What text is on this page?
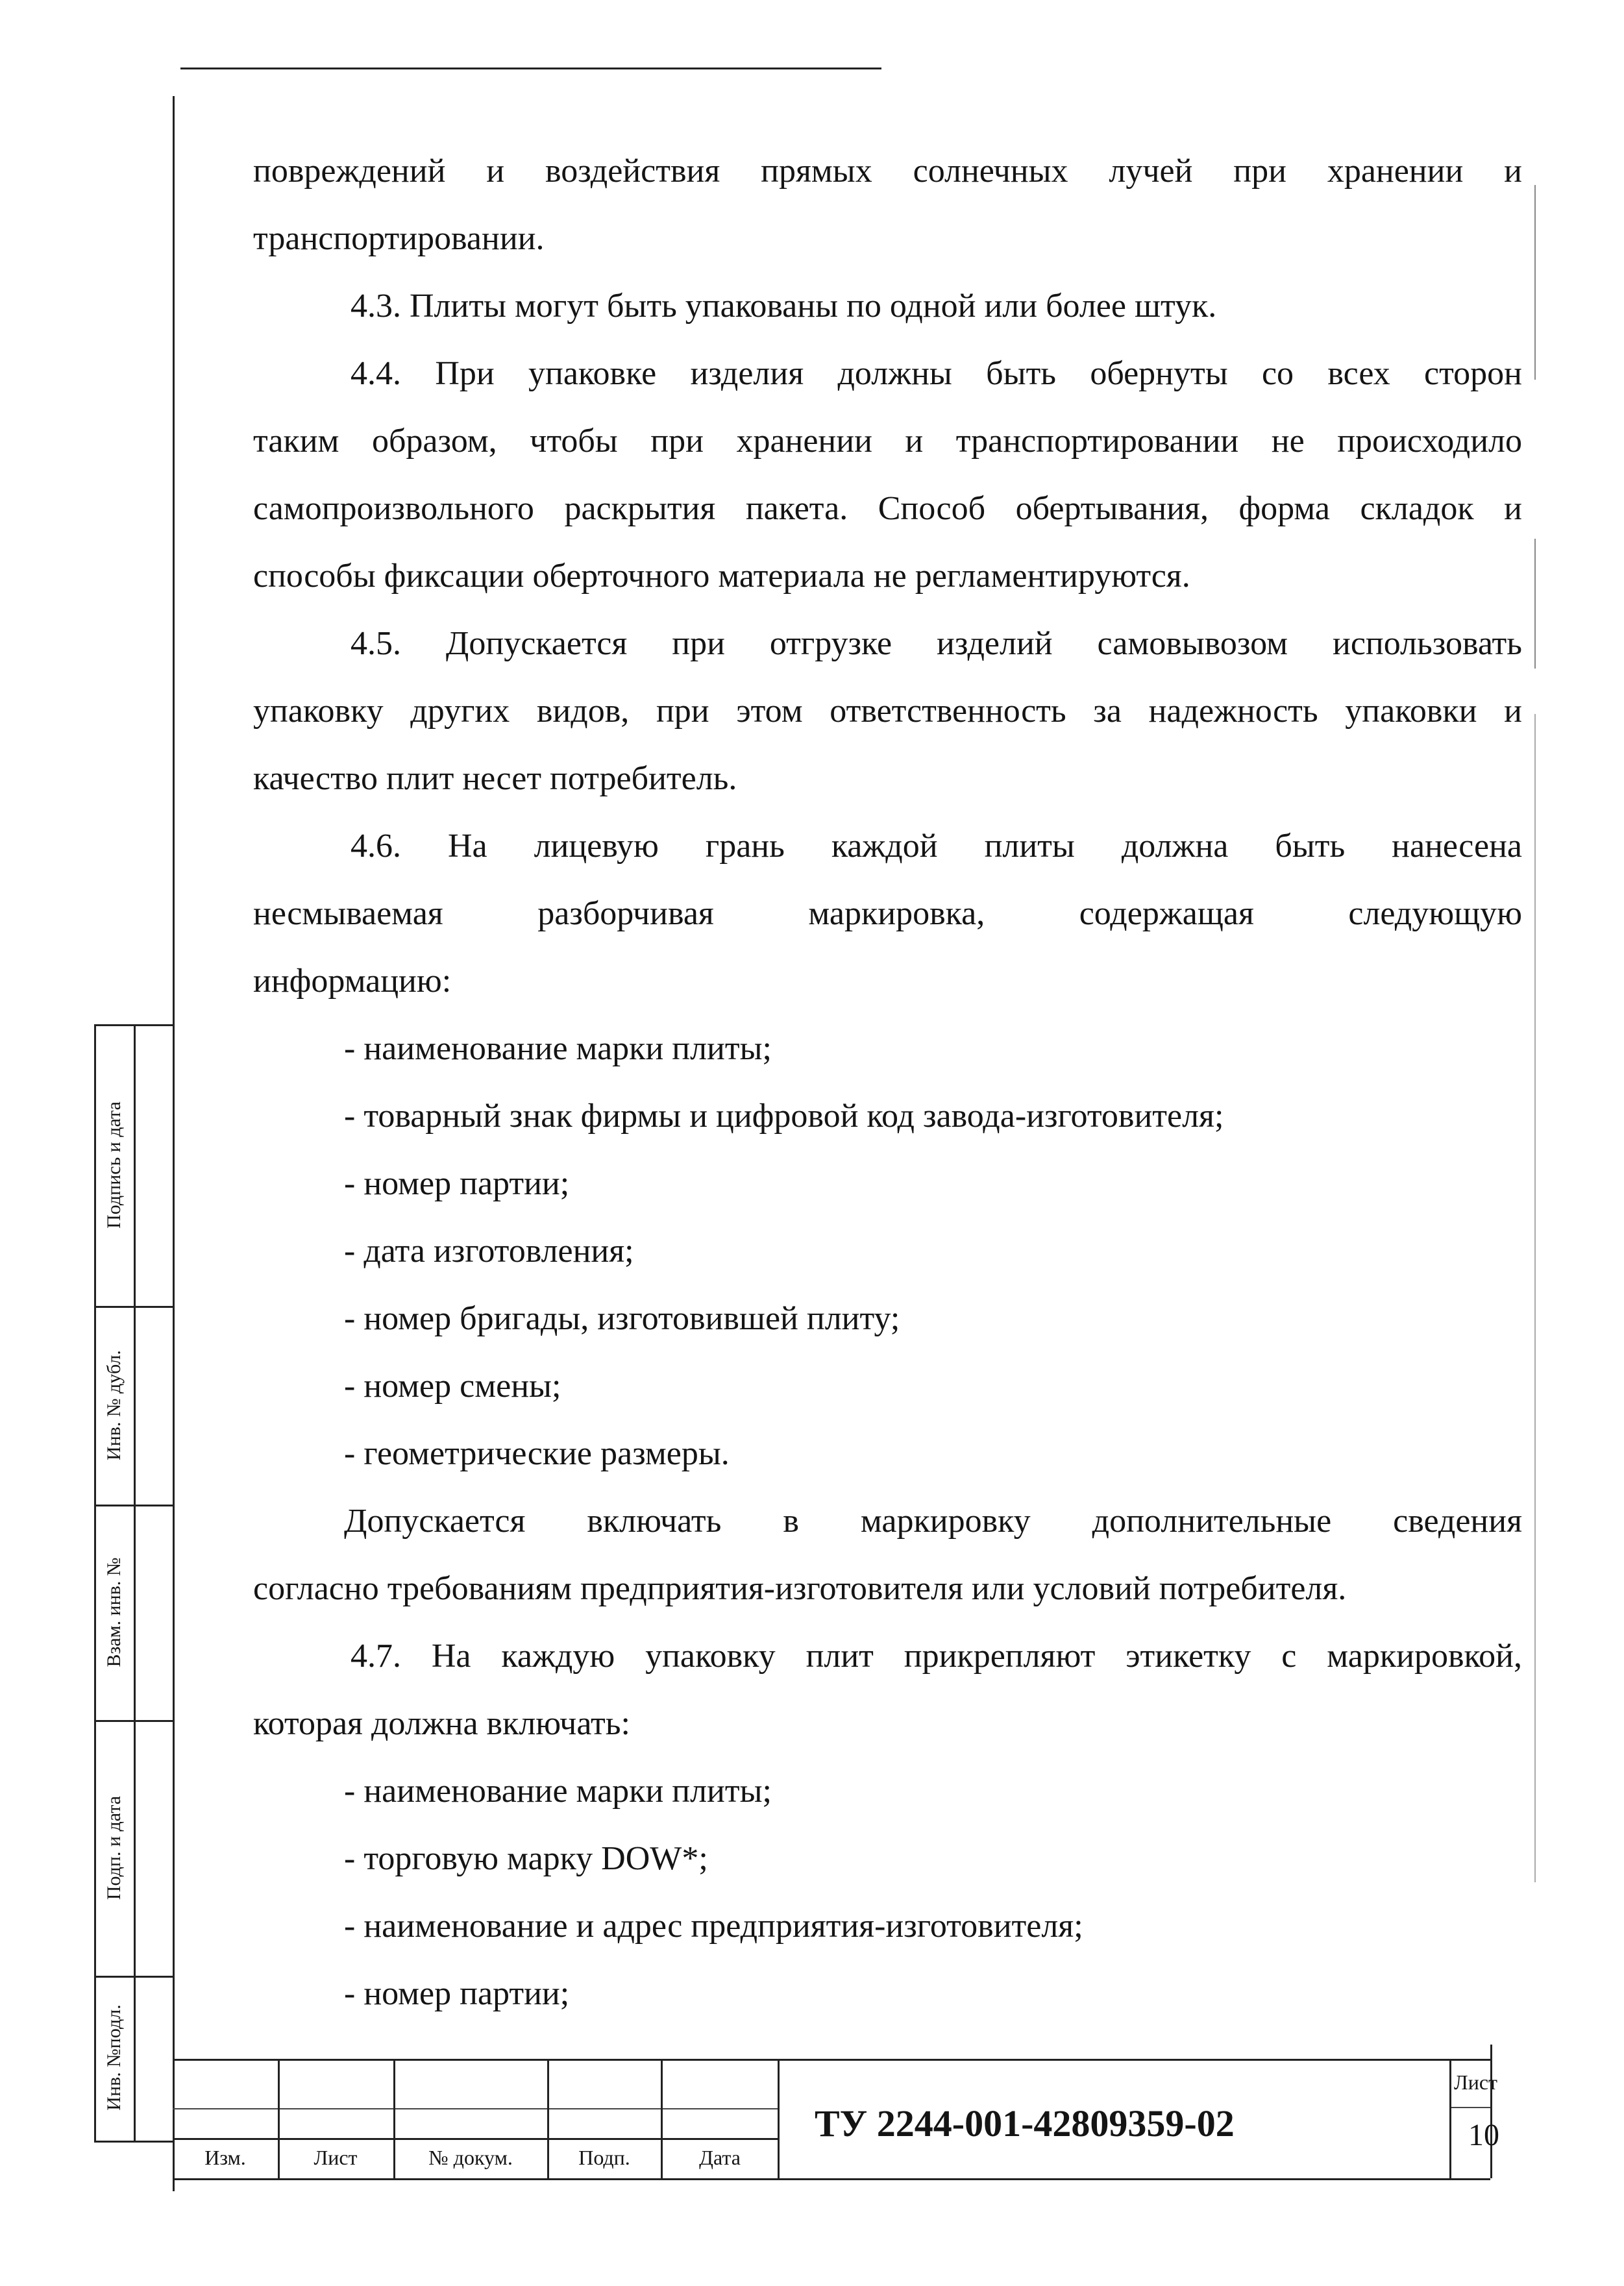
повреждений и воздействия прямых солнечных лучей при хранении и

транспортировании.

4.3. Плиты могут быть упакованы по одной или более штук.

4.4. При упаковке изделия должны быть обернуты со всех сторон

таким образом, чтобы при хранении и транспортировании не происходило

самопроизвольного раскрытия пакета. Способ обертывания, форма складок и

способы фиксации оберточного материала не регламентируются.

4.5. Допускается при отгрузке изделий самовывозом использовать

упаковку других видов, при этом ответственность за надежность упаковки и

качество плит несет потребитель.

4.6. На лицевую грань каждой плиты должна быть нанесена

несмываемая разборчивая маркировка, содержащая следующую

информацию:

- наименование марки плиты;

- товарный знак фирмы и цифровой код завода-изготовителя;

- номер партии;

- дата изготовления;

- номер бригады, изготовившей плиту;

- номер смены;

- геометрические размеры.

Допускается включать в маркировку дополнительные сведения

согласно требованиям предприятия-изготовителя или условий потребителя.

4.7. На каждую упаковку плит прикрепляют этикетку с маркировкой,

которая должна включать:

- наименование марки плиты;

- торговую марку DOW*;

- наименование и адрес предприятия-изготовителя;

- номер партии;

Подпись и дата
Инв. № дубл.
Взам. инв. №
Подп. и дата
Инв. №подл.
Изм.	Лист	№ докум.	Подп.	Дата
ТУ 2244-001-42809359-02
Лист
10
